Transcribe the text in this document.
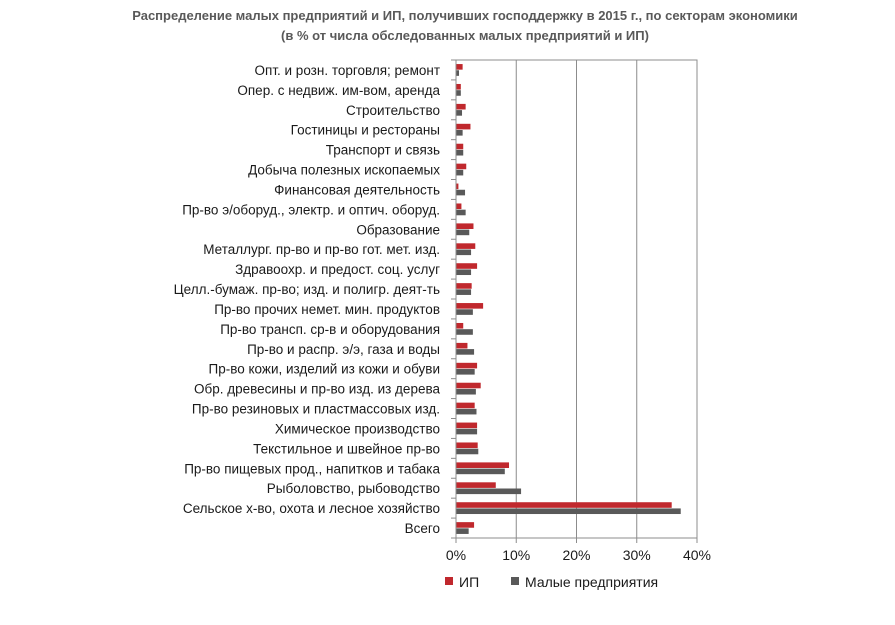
Распределение малых предприятий и ИП, получивших господдержку в 2015 г., по секторам экономики
(в % от числа обследованных малых предприятий и ИП)
0%	10% 20% 30% 40%
Опт. и розн. торговля; ремонт
Опер. с недвиж. им-вом, аренда
Строительство
Гостиницы и рестораны
Транспорт и связь
Добыча полезных ископаемых
Финансовая деятельность
Пр-во э/оборуд., электр. и оптич. оборуд.
Образование
Металлург. пр-во и пр-во гот. мет. изд.
Здравоохр. и предост. соц. услуг
Целл.-бумаж. пр-во; изд. и полигр. деят-ть
Пр-во прочих немет. мин. продуктов
Пр-во трансп. ср-в и оборудования
Пр-во и распр. э/э, газа и воды
Пр-во кожи, изделий из кожи и обуви
Обр. древесины и пр-во изд. из дерева
Пр-во резиновых и пластмассовых изд.
Химическое производство
Текстильное и швейное пр-во
Пр-во пищевых прод., напитков и табака
Рыболовство, рыбоводство
Сельское х-во, охота и лесное хозяйство
Всего
ИП	Малые предприятия
